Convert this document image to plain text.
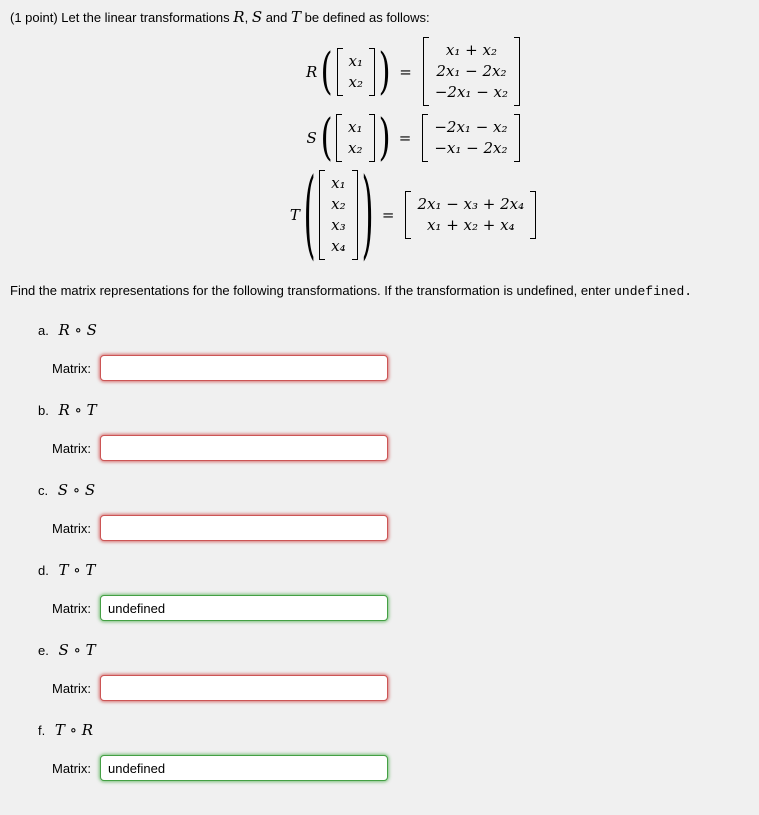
(1 point) Let the linear transformations R, S and T be defined as follows:
R ( x₁
x₂ ) =
x₁ + x₂
2x₁ − 2x₂
−2x₁ − x₂
S ( x₁
x₂ ) =
−2x₁ − x₂
−x₁ − 2x₂
T ( x₁
x₂
x₃
x₄ ) =
2x₁ − x₃ + 2x₄
x₁ + x₂ + x₄
Find the matrix representations for the following transformations. If the transformation is undefined, enter undefined.
a. R ∘ S
Matrix:
b. R ∘ T
Matrix:
c. S ∘ S
Matrix:
d. T ∘ T
Matrix:
undefined
e. S ∘ T
Matrix:
f. T ∘ R
Matrix:
undefined
